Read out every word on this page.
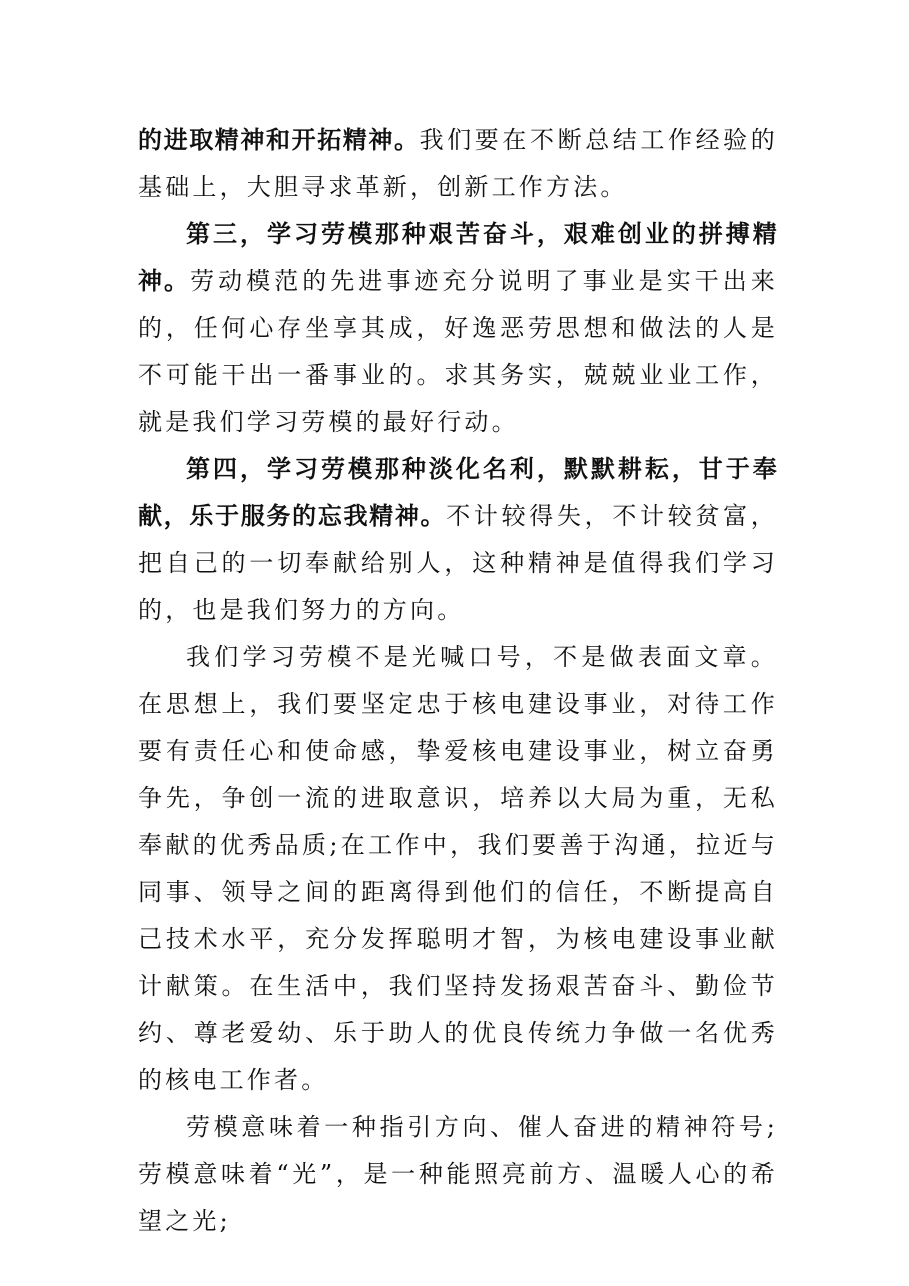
的进取精神和开拓精神。我们要在不断总结工作经验的基础上，大胆寻求革新，创新工作方法。

第三，学习劳模那种艰苦奋斗，艰难创业的拼搏精神。劳动模范的先进事迹充分说明了事业是实干出来的，任何心存坐享其成，好逸恶劳思想和做法的人是不可能干出一番事业的。求其务实，兢兢业业工作，就是我们学习劳模的最好行动。

第四，学习劳模那种淡化名利，默默耕耘，甘于奉献，乐于服务的忘我精神。不计较得失，不计较贫富，把自己的一切奉献给别人，这种精神是值得我们学习的，也是我们努力的方向。

我们学习劳模不是光喊口号，不是做表面文章。在思想上，我们要坚定忠于核电建设事业，对待工作要有责任心和使命感，挚爱核电建设事业，树立奋勇争先，争创一流的进取意识，培养以大局为重，无私奉献的优秀品质;在工作中，我们要善于沟通，拉近与同事、领导之间的距离得到他们的信任，不断提高自己技术水平，充分发挥聪明才智，为核电建设事业献计献策。在生活中，我们坚持发扬艰苦奋斗、勤俭节约、尊老爱幼、乐于助人的优良传统力争做一名优秀的核电工作者。

劳模意味着一种指引方向、催人奋进的精神符号;劳模意味着“光”，是一种能照亮前方、温暖人心的希望之光;
